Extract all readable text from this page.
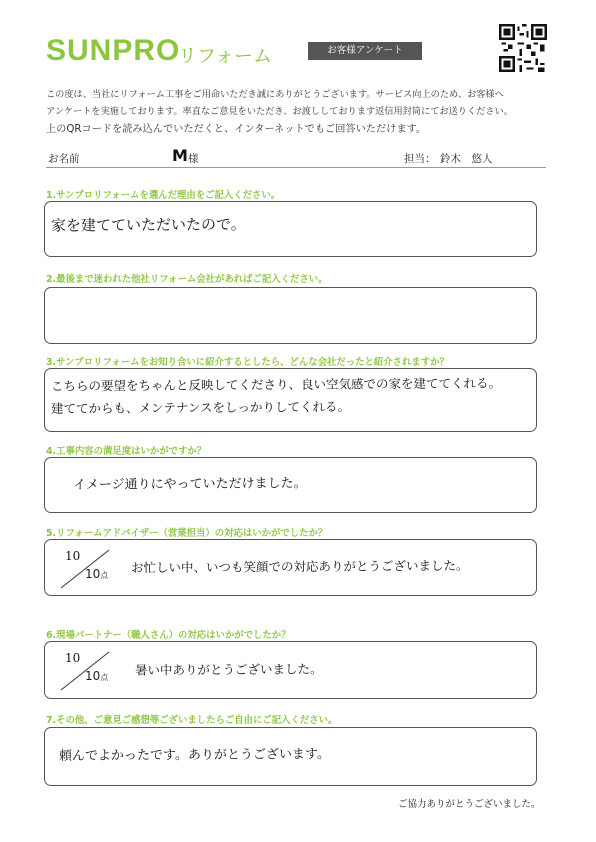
SUNPRO
リフォーム	お客様アンケート
この度は、当社にリフォーム工事をご用命いただき誠にありがとうございます。サービス向上のため、お客様へ
アンケートを実施しております。率直なご意見をいただき、お渡ししております返信用封筒にてお送りください。
上のQRコードを読み込んでいただくと、インターネットでもご回答いただけます。
お名前	M 様	担当： 鈴木　悠人
1.サンプロリフォームを選んだ理由をご記入ください。
家を建てていただいたので。
2.最後まで迷われた他社リフォーム会社があればご記入ください。
3.サンプロリフォームをお知り合いに紹介するとしたら、どんな会社だったと紹介されますか？
こちらの要望をちゃんと反映してくださり、良い空気感での家を建ててくれる。
建ててからも、メンテナンスをしっかりしてくれる。
4.工事内容の満足度はいかがですか？
イメージ通りにやっていただけました。
5.リフォームアドバイザー（営業担当）の対応はいかがでしたか？
10
10点
お忙しい中、いつも笑顔での対応ありがとうございました。
6.現場パートナー（職人さん）の対応はいかがでしたか？
10
10点 暑い中ありがとうございました。
7.その他、ご意見ご感想等ございましたらご自由にご記入ください。
頼んでよかったです。ありがとうございます。
ご協力ありがとうございました。
